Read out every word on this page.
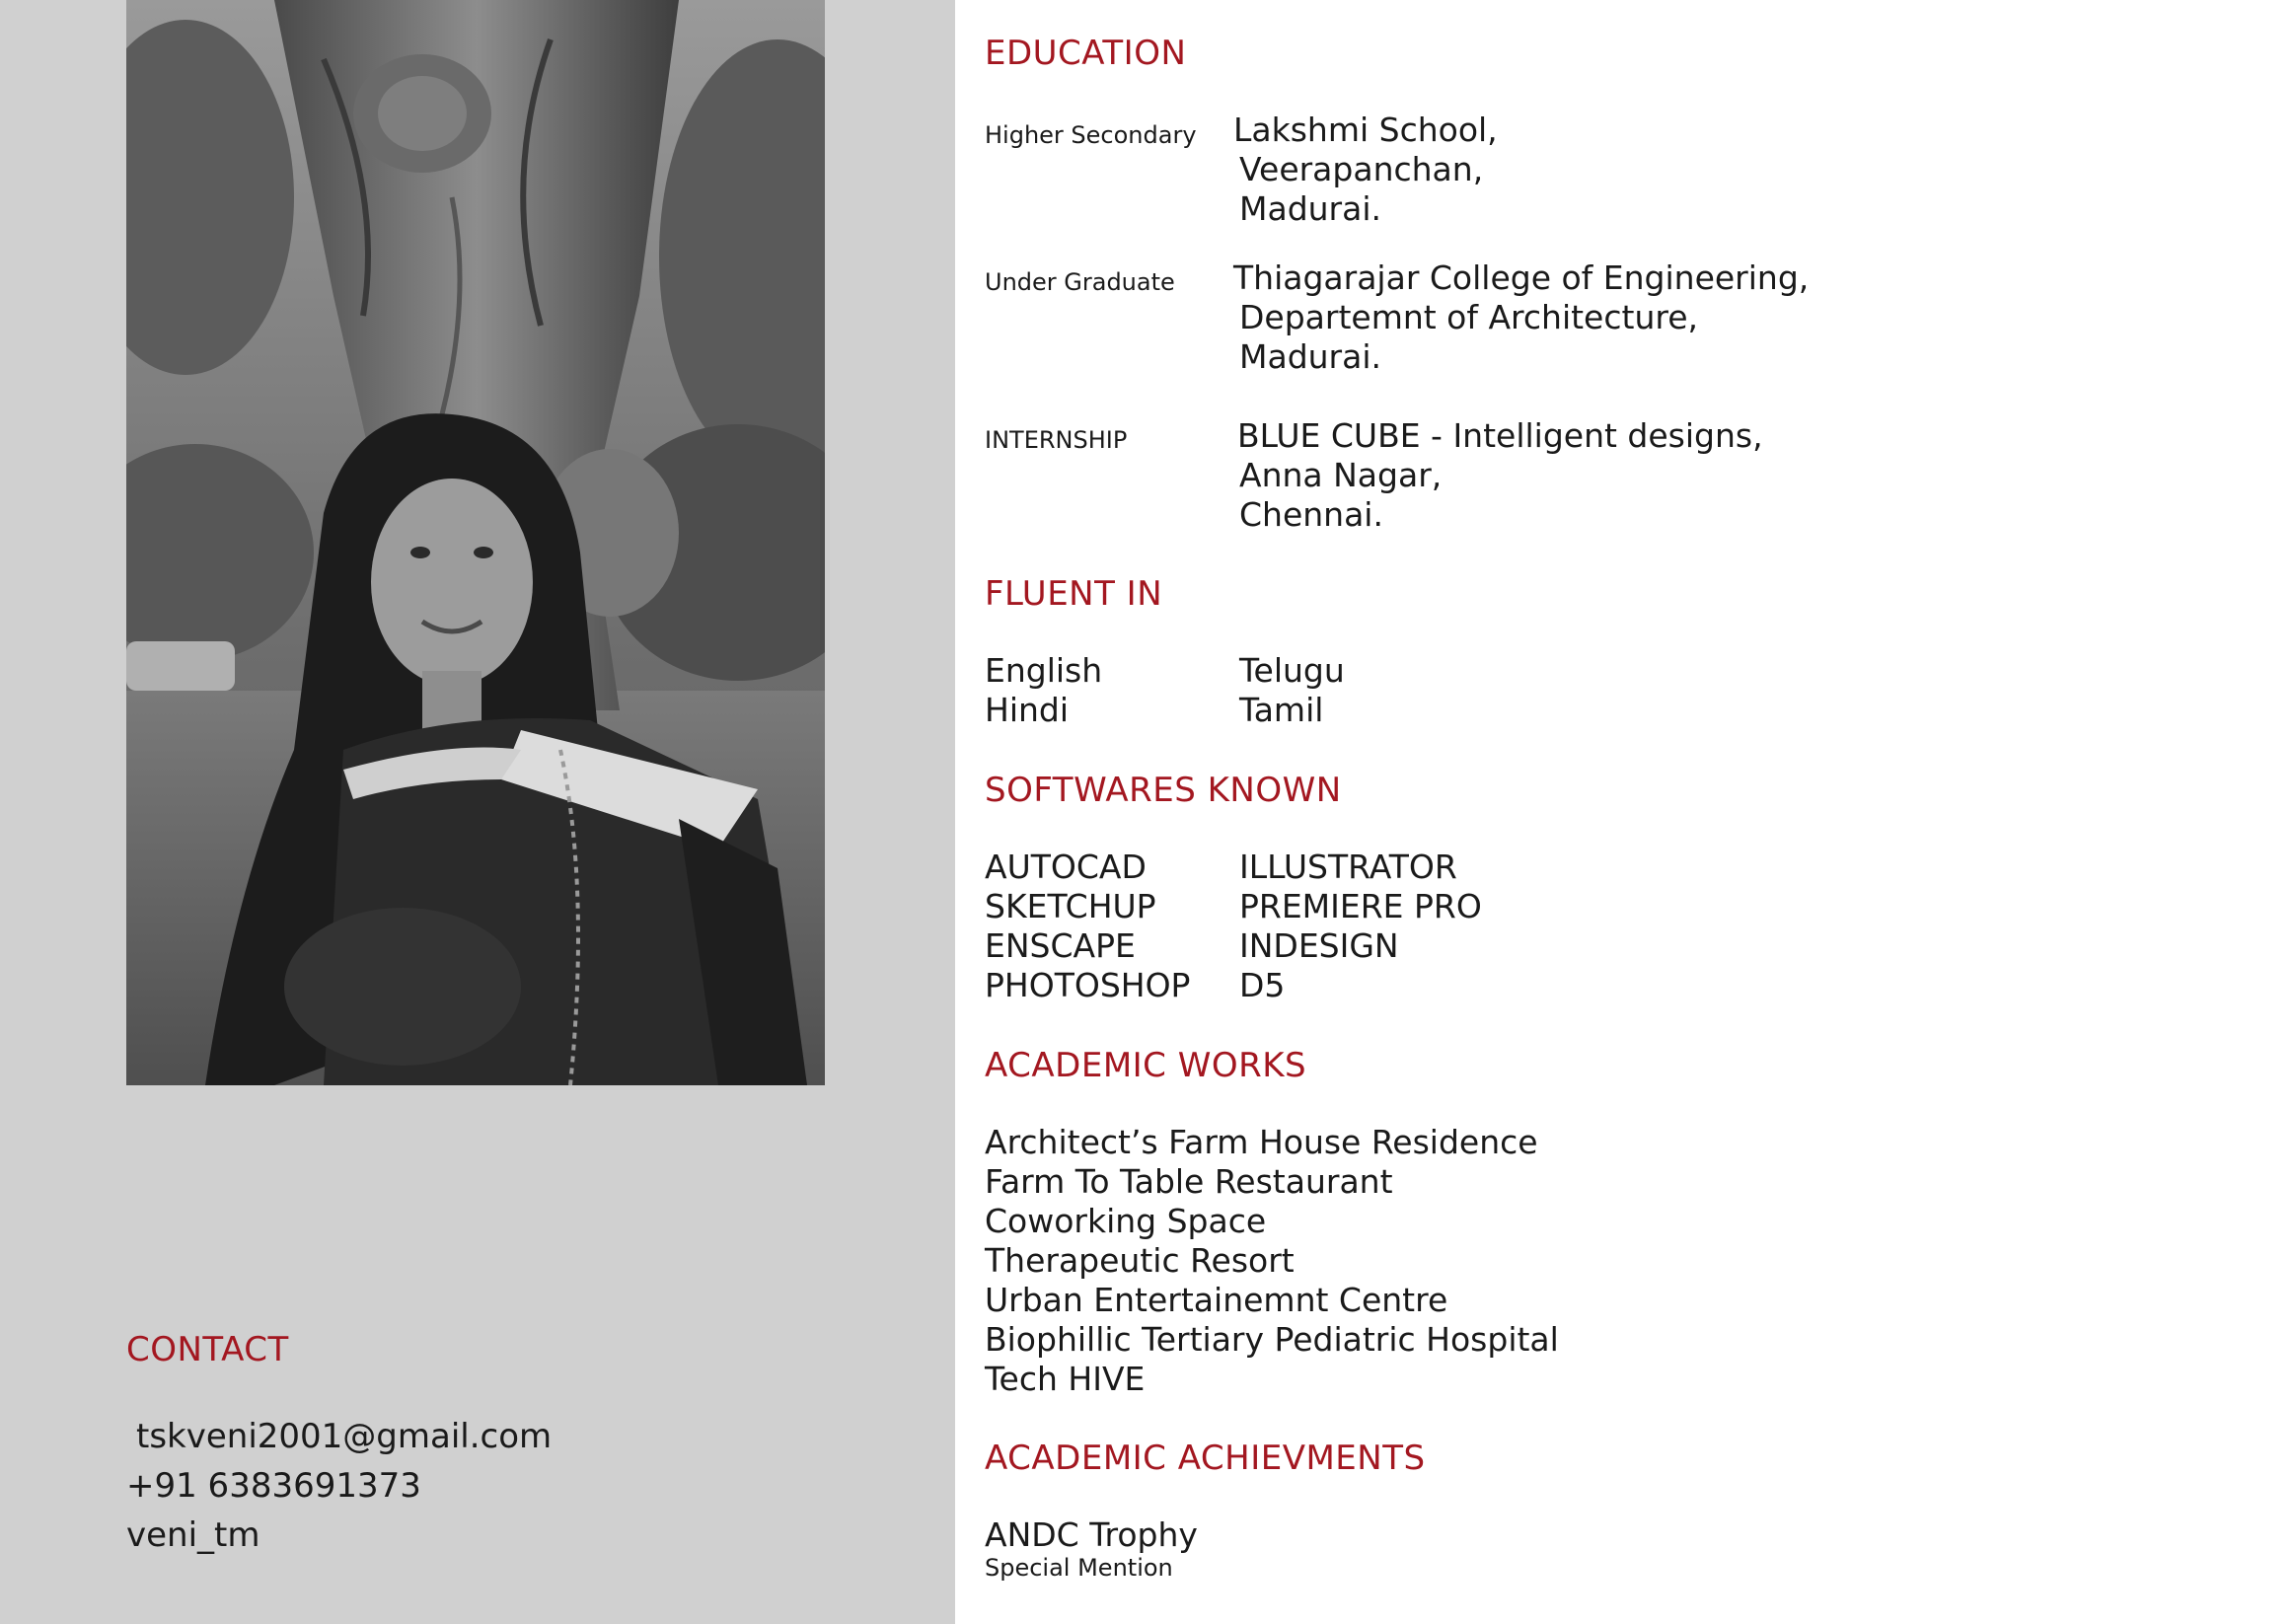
CONTACT
tskveni2001@gmail.com
+91 6383691373
veni_tm
EDUCATION
Higher Secondary Lakshmi School,
Veerapanchan,
Madurai.
Under Graduate Thiagarajar College of Engineering,
Departemnt of Architecture,
Madurai.
INTERNSHIP	BLUE CUBE - Intelligent designs,
Anna Nagar,
Chennai.
FLUENT IN
English
Hindi
Telugu
Tamil
SOFTWARES KNOWN
AUTOCAD
SKETCHUP
ENSCAPE
PHOTOSHOP
ILLUSTRATOR
PREMIERE PRO
INDESIGN
D5
ACADEMIC WORKS
Architect’s Farm House Residence
Farm To Table Restaurant
Coworking Space
Therapeutic Resort
Urban Entertainemnt Centre
Biophillic Tertiary Pediatric Hospital
Tech HIVE
ACADEMIC ACHIEVMENTS
ANDC Trophy
Special Mention
